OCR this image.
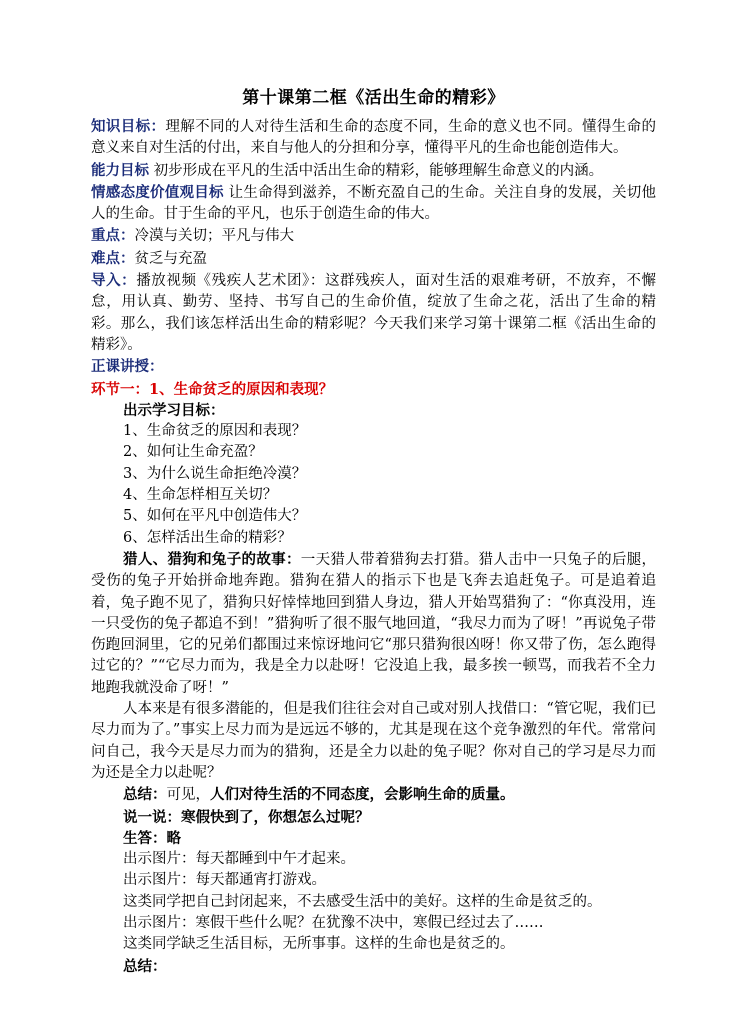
第十课第二框《活出生命的精彩》

知识目标：理解不同的人对待生活和生命的态度不同，生命的意义也不同。懂得生命的意义来自对生活的付出，来自与他人的分担和分享，懂得平凡的生命也能创造伟大。

能力目标 初步形成在平凡的生活中活出生命的精彩，能够理解生命意义的内涵。

情感态度价值观目标 让生命得到滋养，不断充盈自己的生命。关注自身的发展，关切他人的生命。甘于生命的平凡，也乐于创造生命的伟大。

重点：冷漠与关切；平凡与伟大

难点：贫乏与充盈

导入：播放视频《残疾人艺术团》：这群残疾人，面对生活的艰难考研，不放弃，不懈怠，用认真、勤劳、坚持、书写自己的生命价值，绽放了生命之花，活出了生命的精彩。那么，我们该怎样活出生命的精彩呢？今天我们来学习第十课第二框《活出生命的精彩》。

正课讲授：

环节一：1、生命贫乏的原因和表现？

出示学习目标：

1、生命贫乏的原因和表现？

2、如何让生命充盈？

3、为什么说生命拒绝冷漠？

4、生命怎样相互关切？

5、如何在平凡中创造伟大？

6、怎样活出生命的精彩？

猎人、猎狗和兔子的故事：一天猎人带着猎狗去打猎。猎人击中一只兔子的后腿，受伤的兔子开始拼命地奔跑。猎狗在猎人的指示下也是飞奔去追赶兔子。可是追着追着，兔子跑不见了，猎狗只好悻悻地回到猎人身边，猎人开始骂猎狗了：“你真没用，连一只受伤的兔子都追不到！”猎狗听了很不服气地回道，“我尽力而为了呀！”再说兔子带伤跑回洞里，它的兄弟们都围过来惊讶地问它“那只猎狗很凶呀！你又带了伤，怎么跑得过它的？”“它尽力而为，我是全力以赴呀！它没追上我，最多挨一顿骂，而我若不全力地跑我就没命了呀！”

人本来是有很多潜能的，但是我们往往会对自己或对别人找借口：“管它呢，我们已尽力而为了。”事实上尽力而为是远远不够的，尤其是现在这个竞争激烈的年代。常常问问自己，我今天是尽力而为的猎狗，还是全力以赴的兔子呢？你对自己的学习是尽力而为还是全力以赴呢？

总结：可见，人们对待生活的不同态度，会影响生命的质量。

说一说：寒假快到了，你想怎么过呢？

生答：略

出示图片：每天都睡到中午才起来。

出示图片：每天都通宵打游戏。

这类同学把自己封闭起来，不去感受生活中的美好。这样的生命是贫乏的。

出示图片：寒假干些什么呢？在犹豫不决中，寒假已经过去了……

这类同学缺乏生活目标，无所事事。这样的生命也是贫乏的。

总结：
